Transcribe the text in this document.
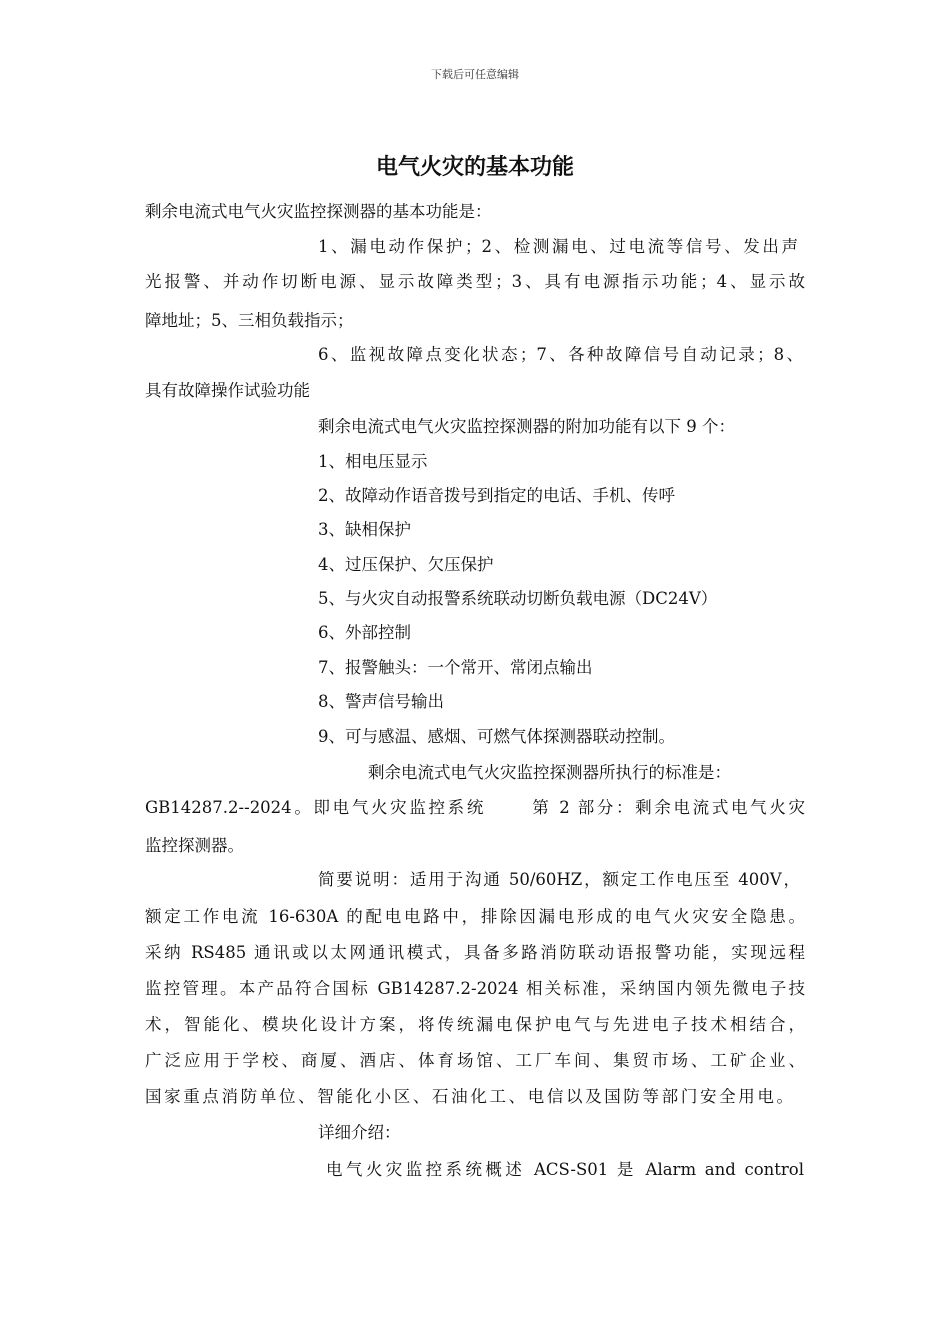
下载后可任意编辑
电气火灾的基本功能
剩余电流式电气火灾监控探测器的基本功能是：
1、漏电动作保护；2、检测漏电、过电流等信号、发出声
光报警、并动作切断电源、显示故障类型；3、具有电源指示功能；4、显示故
障地址；5、三相负载指示；
6、监视故障点变化状态；7、各种故障信号自动记录；8、
具有故障操作试验功能
剩余电流式电气火灾监控探测器的附加功能有以下 9 个：
1、相电压显示
2、故障动作语音拨号到指定的电话、手机、传呼
3、缺相保护
4、过压保护、欠压保护
5、与火灾自动报警系统联动切断负载电源（DC24V）
6、外部控制
7、报警触头：一个常开、常闭点输出
8、警声信号输出
9、可与感温、感烟、可燃气体探测器联动控制。
剩余电流式电气火灾监控探测器所执行的标准是：
GB14287.2--2024。即电气火灾监控系统　　 第 2 部分：剩余电流式电气火灾
监控探测器。
简要说明：适用于沟通 50/60HZ，额定工作电压至 400V，
额定工作电流 16-630A 的配电电路中，排除因漏电形成的电气火灾安全隐患。
采纳 RS485 通讯或以太网通讯模式，具备多路消防联动语报警功能，实现远程
监控管理。本产品符合国标 GB14287.2-2024 相关标准，采纳国内领先微电子技
术，智能化、模块化设计方案，将传统漏电保护电气与先进电子技术相结合，
广泛应用于学校、商厦、酒店、体育场馆、工厂车间、集贸市场、工矿企业、
国家重点消防单位、智能化小区、石油化工、电信以及国防等部门安全用电。
详细介绍：
电气火灾监控系统概述 ACS-S01 是 Alarm and control
